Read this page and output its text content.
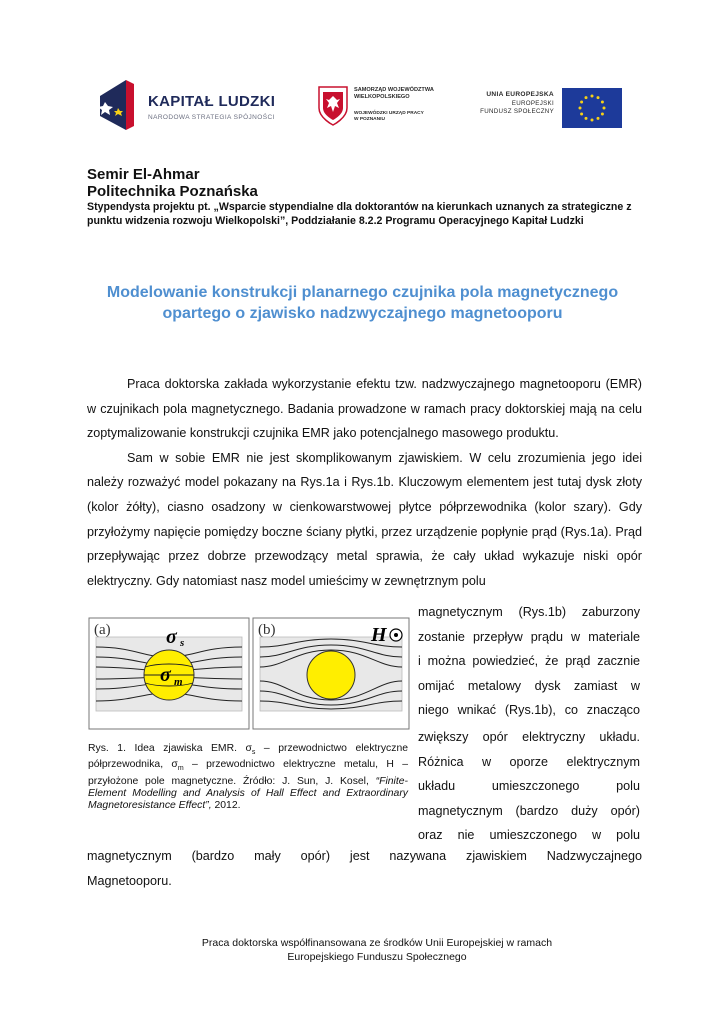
KAPITAŁ LUDZKI
NARODOWA STRATEGIA SPÓJNOŚCI
SAMORZĄD WOJEWÓDZTWA
WIELKOPOLSKIEGO
WOJEWÓDZKI URZĄD PRACY
W POZNANIU
UNIA EUROPEJSKA
EUROPEJSKI
FUNDUSZ SPOŁECZNY
Semir El-Ahmar
Politechnika Poznańska
Stypendysta projektu pt. „Wsparcie stypendialne dla doktorantów na kierunkach uznanych za strategiczne z punktu widzenia rozwoju Wielkopolski”, Poddziałanie 8.2.2 Programu Operacyjnego Kapitał Ludzki
Modelowanie konstrukcji planarnego czujnika pola magnetycznego
opartego o zjawisko nadzwyczajnego magnetooporu

Praca doktorska zakłada wykorzystanie efektu tzw. nadzwyczajnego magnetooporu (EMR) w czujnikach pola magnetycznego. Badania prowadzone w ramach pracy doktorskiej mają na celu zoptymalizowanie konstrukcji czujnika EMR jako potencjalnego masowego produktu.

Sam w sobie EMR nie jest skomplikowanym zjawiskiem. W celu zrozumienia jego idei należy rozważyć model pokazany na Rys.1a i Rys.1b. Kluczowym elementem jest tutaj dysk złoty (kolor żółty), ciasno osadzony w cienkowarstwowej płytce półprzewodnika (kolor szary). Gdy przyłożymy napięcie pomiędzy boczne ściany płytki, przez urządzenie popłynie prąd (Rys.1a). Prąd przepływając przez dobrze przewodzący metal sprawia, że cały układ wykazuje niski opór elektryczny. Gdy natomiast nasz model umieścimy w zewnętrznym polu

magnetycznym (Rys.1b) zaburzony
zostanie przepływ prądu w materiale
i można powiedzieć, że prąd zacznie
omijać metalowy dysk zamiast w
niego wnikać (Rys.1b), co znacząco
zwiększy opór elektryczny układu.
Różnica w oporze elektrycznym
układu umieszczonego polu
magnetycznym (bardzo duży opór)
oraz nie umieszczonego w polu
magnetycznym (bardzo mały opór) jest nazywana zjawiskiem Nadzwyczajnego
Magnetooporu.
(a)	σ s
σ m
(b)	H
Rys. 1. Idea zjawiska EMR. $\sigma_s$ – przewodnictwo elektryczne półprzewodnika, $\sigma_m$ – przewodnictwo elektryczne metalu, H – przyłożone pole magnetyczne. Źródło: J. Sun, J. Kosel, “Finite-Element Modelling and Analysis of Hall Effect and Extraordinary Magnetoresistance Effect”, 2012.
Praca doktorska współfinansowana ze środków Unii Europejskiej w ramach
Europejskiego Funduszu Społecznego
